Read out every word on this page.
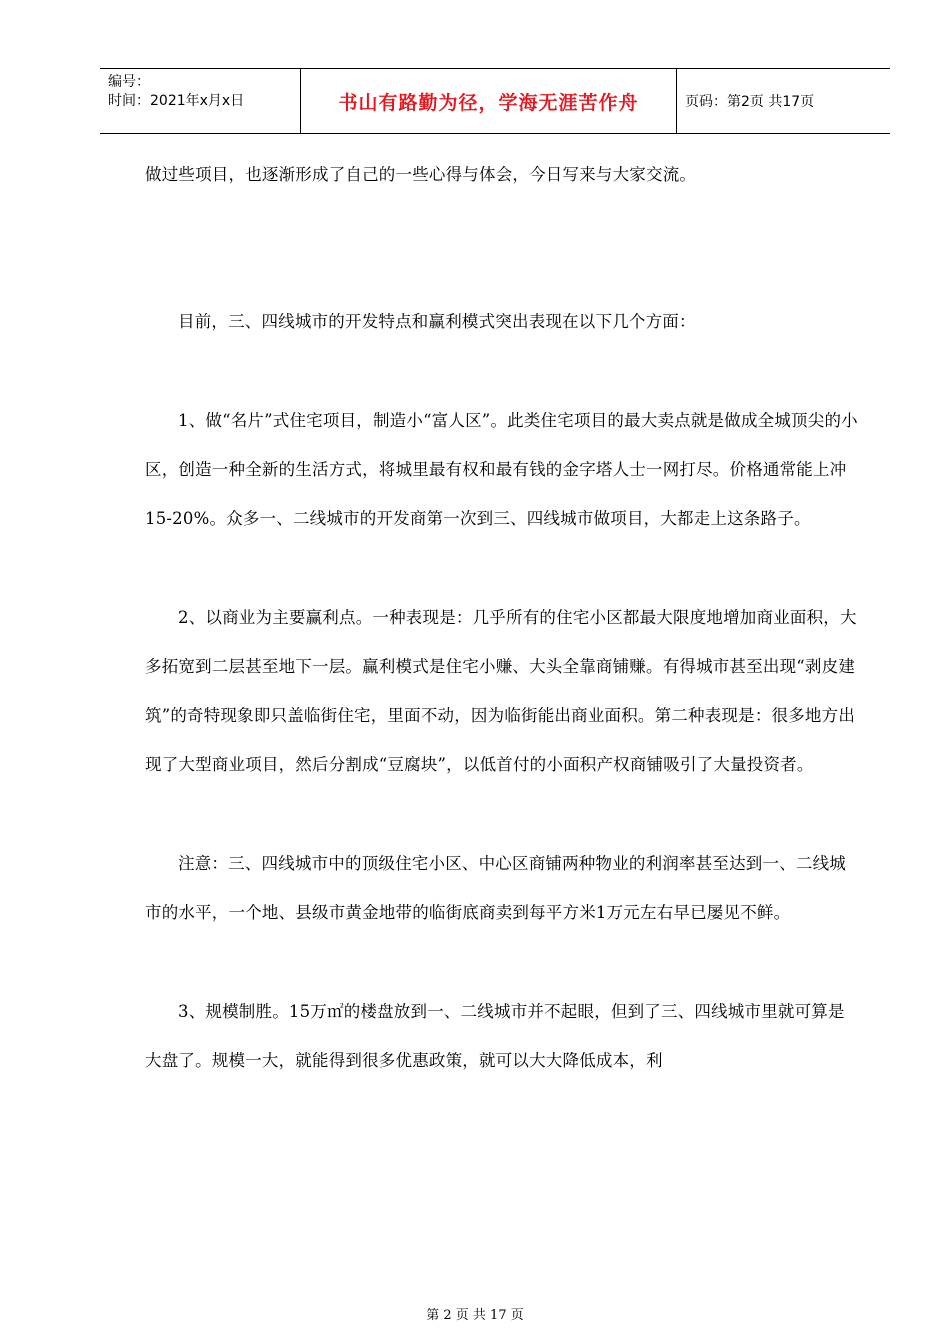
编号：
时间：2021年x月x日	书山有路勤为径，学海无涯苦作舟	页码：第2页 共17页

做过些项目，也逐渐形成了自己的一些心得与体会，今日写来与大家交流。

目前，三、四线城市的开发特点和赢利模式突出表现在以下几个方面：

1、做“名片”式住宅项目，制造小“富人区”。此类住宅项目的最大卖点就是做成全城顶尖的小区，创造一种全新的生活方式，将城里最有权和最有钱的金字塔人士一网打尽。价格通常能上冲15-20%。众多一、二线城市的开发商第一次到三、四线城市做项目，大都走上这条路子。

2、以商业为主要赢利点。一种表现是：几乎所有的住宅小区都最大限度地增加商业面积，大多拓宽到二层甚至地下一层。赢利模式是住宅小赚、大头全靠商铺赚。有得城市甚至出现“剥皮建筑”的奇特现象即只盖临街住宅，里面不动，因为临街能出商业面积。第二种表现是：很多地方出现了大型商业项目，然后分割成“豆腐块”，以低首付的小面积产权商铺吸引了大量投资者。

注意：三、四线城市中的顶级住宅小区、中心区商铺两种物业的利润率甚至达到一、二线城市的水平，一个地、县级市黄金地带的临街底商卖到每平方米1万元左右早已屡见不鲜。

3、规模制胜。15万㎡的楼盘放到一、二线城市并不起眼，但到了三、四线城市里就可算是大盘了。规模一大，就能得到很多优惠政策，就可以大大降低成本，利

第 2 页 共 17 页
